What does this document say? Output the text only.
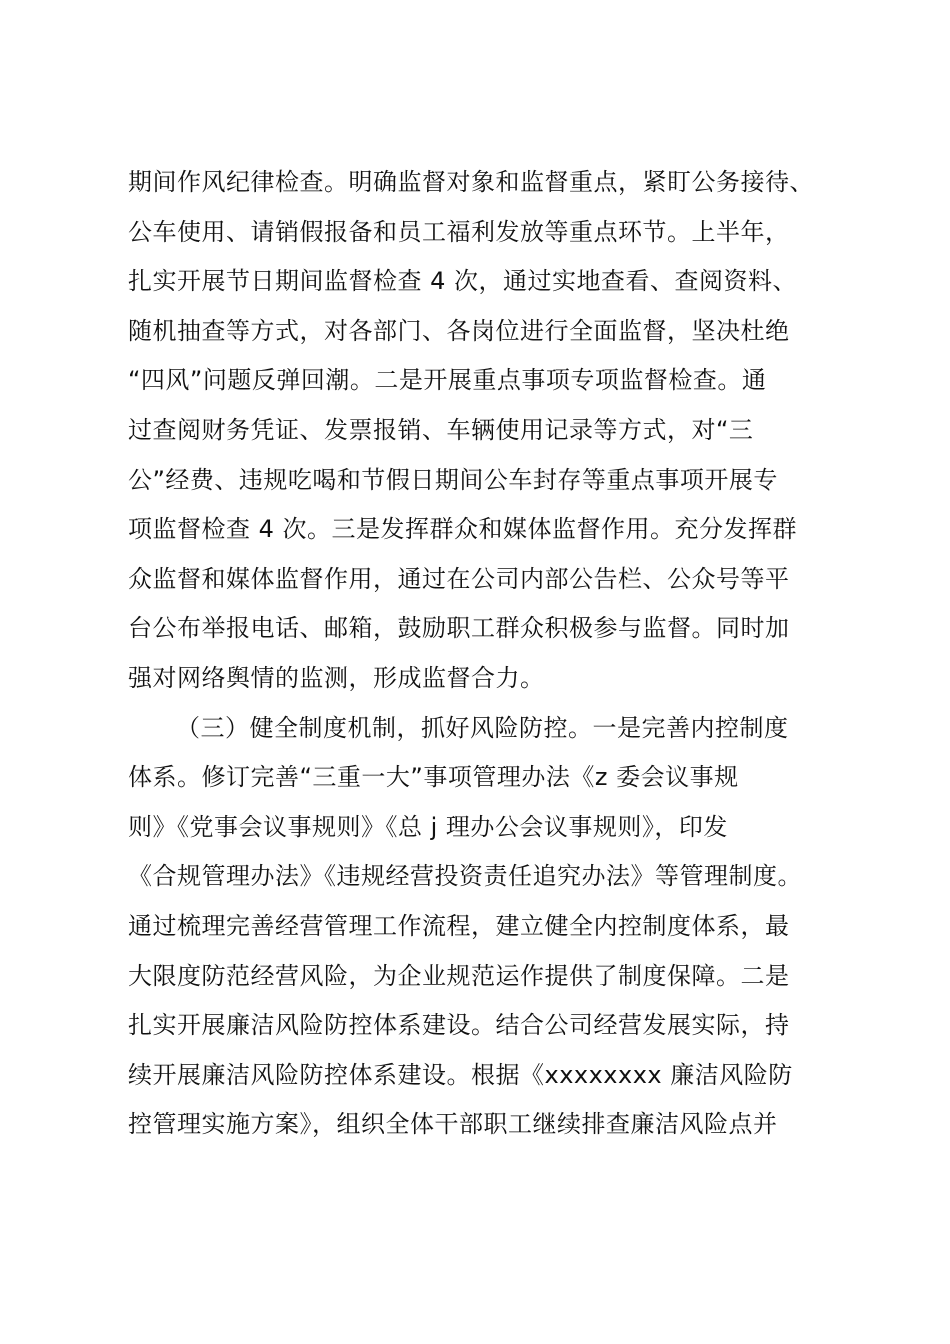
期间作风纪律检查。明确监督对象和监督重点，紧盯公务接待、
公车使用、请销假报备和员工福利发放等重点环节。上半年，
扎实开展节日期间监督检查 4 次，通过实地查看、查阅资料、
随机抽查等方式，对各部门、各岗位进行全面监督，坚决杜绝
“四风”问题反弹回潮。二是开展重点事项专项监督检查。通
过查阅财务凭证、发票报销、车辆使用记录等方式，对“三
公”经费、违规吃喝和节假日期间公车封存等重点事项开展专
项监督检查 4 次。三是发挥群众和媒体监督作用。充分发挥群
众监督和媒体监督作用，通过在公司内部公告栏、公众号等平
台公布举报电话、邮箱，鼓励职工群众积极参与监督。同时加
强对网络舆情的监测，形成监督合力。
（三）健全制度机制，抓好风险防控。一是完善内控制度
体系。修订完善“三重一大”事项管理办法《z 委会议事规
则》《党事会议事规则》《总 j 理办公会议事规则》，印发
《合规管理办法》《违规经营投资责任追究办法》等管理制度。
通过梳理完善经营管理工作流程，建立健全内控制度体系，最
大限度防范经营风险，为企业规范运作提供了制度保障。二是
扎实开展廉洁风险防控体系建设。结合公司经营发展实际，持
续开展廉洁风险防控体系建设。根据《xxxxxxxx 廉洁风险防
控管理实施方案》，组织全体干部职工继续排查廉洁风险点并
